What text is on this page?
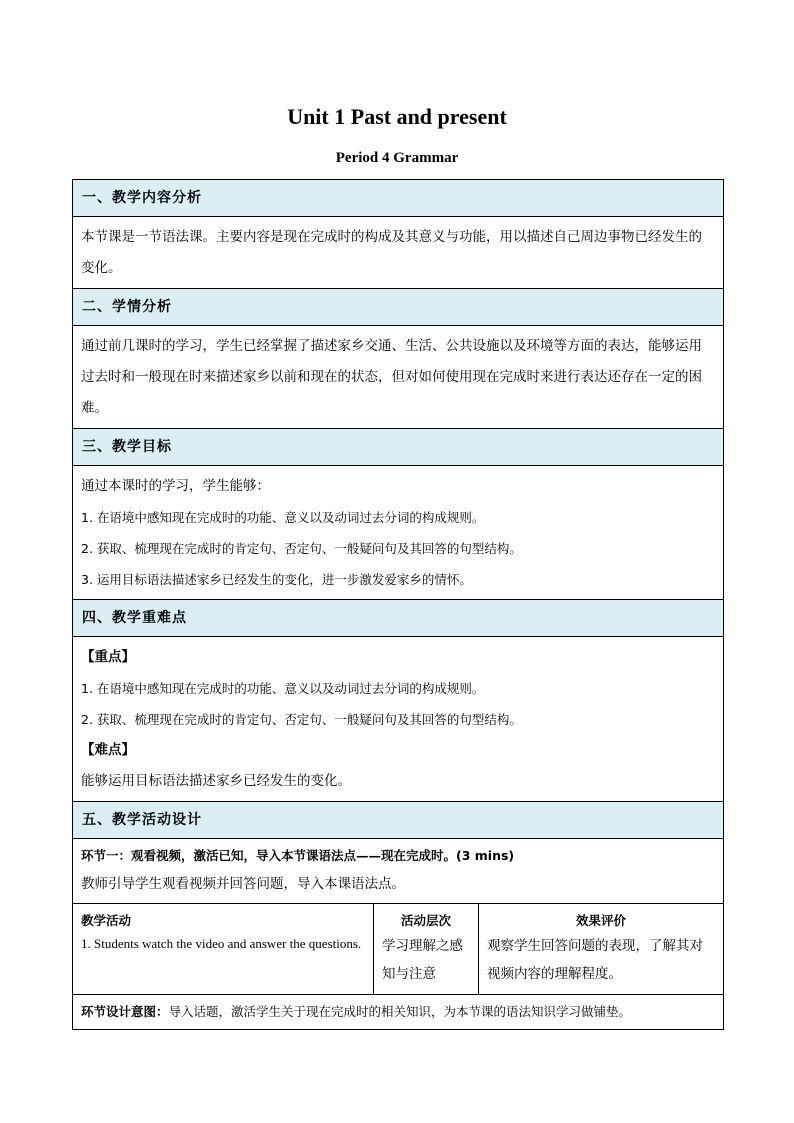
Unit 1 Past and present
Period 4 Grammar
一、教学内容分析
本节课是一节语法课。主要内容是现在完成时的构成及其意义与功能，用以描述自己周边事物已经发生的变化。
二、学情分析
通过前几课时的学习，学生已经掌握了描述家乡交通、生活、公共设施以及环境等方面的表达，能够运用过去时和一般现在时来描述家乡以前和现在的状态，但对如何使用现在完成时来进行表达还存在一定的困难。
三、教学目标

通过本课时的学习，学生能够：

1. 在语境中感知现在完成时的功能、意义以及动词过去分词的构成规则。

2. 获取、梳理现在完成时的肯定句、否定句、一般疑问句及其回答的句型结构。

3. 运用目标语法描述家乡已经发生的变化，进一步激发爱家乡的情怀。

四、教学重难点

【重点】

1. 在语境中感知现在完成时的功能、意义以及动词过去分词的构成规则。

2. 获取、梳理现在完成时的肯定句、否定句、一般疑问句及其回答的句型结构。

【难点】

能够运用目标语法描述家乡已经发生的变化。

五、教学活动设计
环节一：观看视频，激活已知，导入本节课语法点——现在完成时。(3 mins)
教师引导学生观看视频并回答问题，导入本课语法点。
教学活动
1. Students watch the video and answer the questions.
活动层次
学习理解之感知与注意
效果评价
观察学生回答问题的表现，了解其对视频内容的理解程度。
环节设计意图：导入话题，激活学生关于现在完成时的相关知识，为本节课的语法知识学习做铺垫。
